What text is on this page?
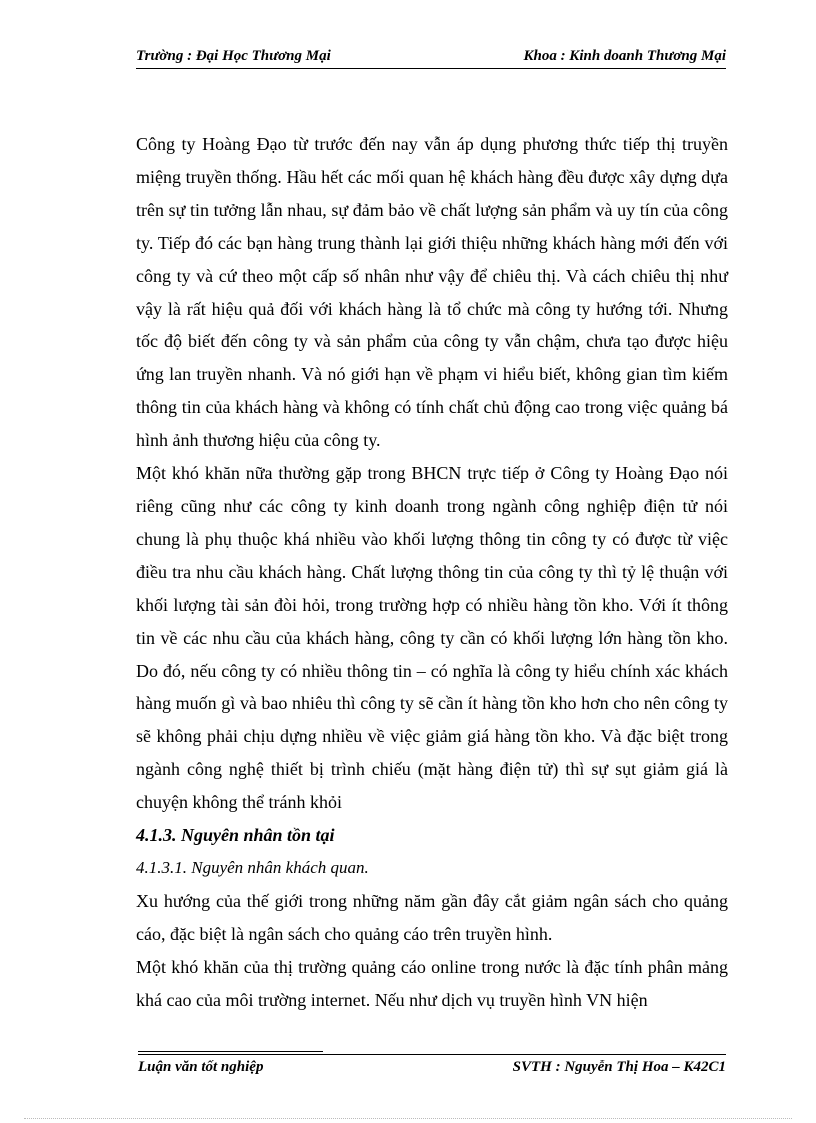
Trường : Đại Học Thương Mại	Khoa : Kinh doanh Thương Mại

Công ty Hoàng Đạo từ trước đến nay vẫn áp dụng phương thức tiếp thị truyền miệng truyền thống. Hầu hết các mối quan hệ khách hàng đều được xây dựng dựa trên sự tin tưởng lẫn nhau, sự đảm bảo về chất lượng sản phẩm và uy tín của công ty. Tiếp đó các bạn hàng trung thành lại giới thiệu những khách hàng mới đến với công ty và cứ theo một cấp số nhân như vậy để chiêu thị. Và cách chiêu thị như vậy là rất hiệu quả đối với khách hàng là tổ chức mà công ty hướng tới. Nhưng tốc độ biết đến công ty và sản phẩm của công ty vẫn chậm, chưa tạo được hiệu ứng lan truyền nhanh. Và nó giới hạn về phạm vi hiểu biết, không gian tìm kiếm thông tin của khách hàng và không có tính chất chủ động cao trong việc quảng bá hình ảnh thương hiệu của công ty.

Một khó khăn nữa thường gặp trong BHCN trực tiếp ở Công ty Hoàng Đạo nói riêng cũng như các công ty kinh doanh trong ngành công nghiệp điện tử nói chung là phụ thuộc khá nhiều vào khối lượng thông tin công ty có được từ việc điều tra nhu cầu khách hàng. Chất lượng thông tin của công ty thì tỷ lệ thuận với khối lượng tài sản đòi hỏi, trong trường hợp có nhiều hàng tồn kho. Với ít thông tin về các nhu cầu của khách hàng, công ty cần có khối lượng lớn hàng tồn kho. Do đó, nếu công ty có nhiều thông tin – có nghĩa là công ty hiểu chính xác khách hàng muốn gì và bao nhiêu thì công ty sẽ cần ít hàng tồn kho hơn cho nên công ty sẽ không phải chịu dựng nhiều về việc giảm giá hàng tồn kho. Và đặc biệt trong ngành công nghệ thiết bị trình chiếu (mặt hàng điện tử) thì sự sụt giảm giá là chuyện không thể tránh khỏi

4.1.3. Nguyên nhân tồn tại

4.1.3.1. Nguyên nhân khách quan.

Xu hướng của thế giới trong những năm gần đây cắt giảm ngân sách cho quảng cáo, đặc biệt là ngân sách cho quảng cáo trên truyền hình.

Một khó khăn của thị trường quảng cáo online trong nước là đặc tính phân mảng khá cao của môi trường internet. Nếu như dịch vụ truyền hình VN hiện

Luận văn tốt nghiệp	SVTH : Nguyễn Thị Hoa – K42C1
